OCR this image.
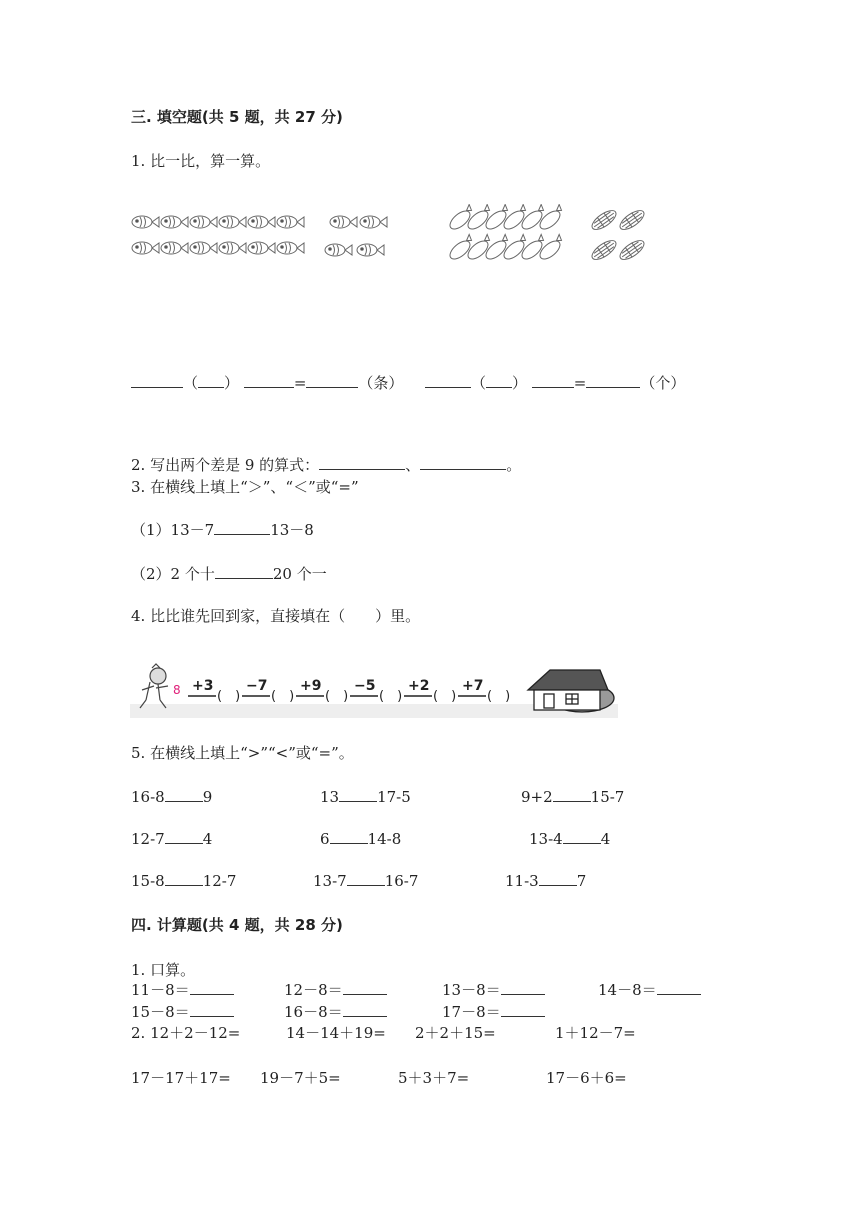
三. 填空题(共 5 题，共 27 分)
1. 比一比，算一算。
（ ）	=	（条）	（ ）	=	（个）
2. 写出两个差是 9 的算式：	、	。
3. 在横线上填上“＞”、“＜”或“=”
（1）13－7	13－8
（2）2 个十	20 个一
4. 比比谁先回到家，直接填在（　　）里。
8 +3
(　)
−7
(　)
+9
(　)
−5
(　)
+2
(　)
+7
(　)
5. 在横线上填上“>”“<”或“=”。
16-8	9	13	17-5	9+2	15-7
12-7	4	6	14-8	13-4	4
15-8	12-7	13-7	16-7	11-3	7
四. 计算题(共 4 题，共 28 分)
1. 口算。
11－8＝	12－8＝	13－8＝	14－8＝
15－8＝	16－8＝	17－8＝
2. 12＋2－12=	14－14＋19= 2＋2＋15=	1＋12－7=
17－17＋17= 19－7＋5=	5＋3＋7=	17－6＋6=
